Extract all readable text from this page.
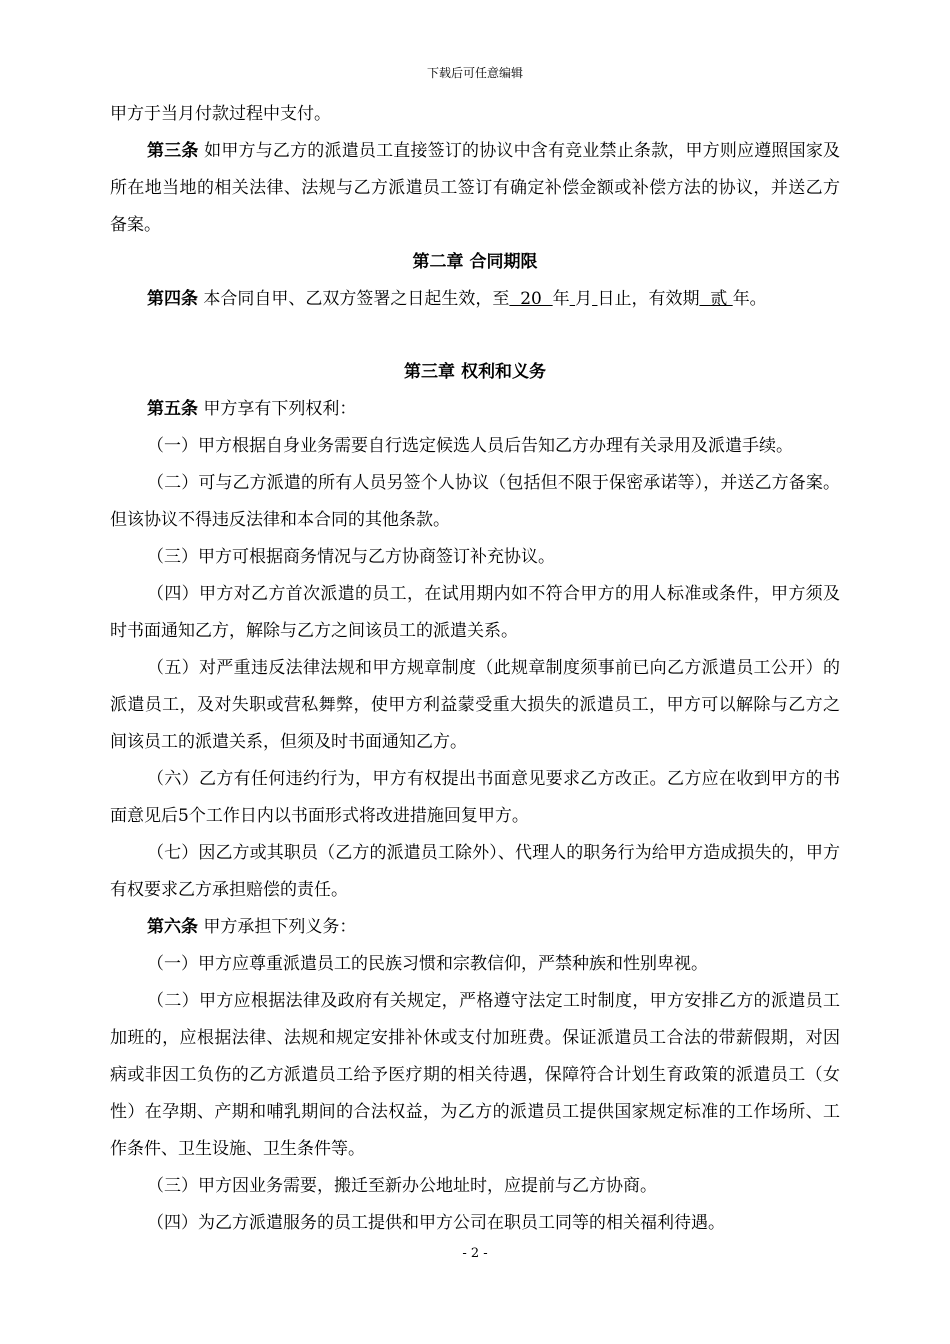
下载后可任意编辑

甲方于当月付款过程中支付。

第三条 如甲方与乙方的派遣员工直接签订的协议中含有竞业禁止条款，甲方则应遵照国家及所在地当地的相关法律、法规与乙方派遣员工签订有确定补偿金额或补偿方法的协议，并送乙方备案。

第二章 合同期限

第四条 本合同自甲、乙双方签署之日起生效，至  20  年 月 日止，有效期  贰 年。

第三章 权利和义务

第五条 甲方享有下列权利：

（一）甲方根据自身业务需要自行选定候选人员后告知乙方办理有关录用及派遣手续。

（二）可与乙方派遣的所有人员另签个人协议（包括但不限于保密承诺等），并送乙方备案。但该协议不得违反法律和本合同的其他条款。

（三）甲方可根据商务情况与乙方协商签订补充协议。

（四）甲方对乙方首次派遣的员工，在试用期内如不符合甲方的用人标准或条件，甲方须及时书面通知乙方，解除与乙方之间该员工的派遣关系。

（五）对严重违反法律法规和甲方规章制度（此规章制度须事前已向乙方派遣员工公开）的派遣员工，及对失职或营私舞弊，使甲方利益蒙受重大损失的派遣员工，甲方可以解除与乙方之间该员工的派遣关系，但须及时书面通知乙方。

（六）乙方有任何违约行为，甲方有权提出书面意见要求乙方改正。乙方应在收到甲方的书面意见后5个工作日内以书面形式将改进措施回复甲方。

（七）因乙方或其职员（乙方的派遣员工除外）、代理人的职务行为给甲方造成损失的，甲方有权要求乙方承担赔偿的责任。

第六条 甲方承担下列义务：

（一）甲方应尊重派遣员工的民族习惯和宗教信仰，严禁种族和性别卑视。

（二）甲方应根据法律及政府有关规定，严格遵守法定工时制度，甲方安排乙方的派遣员工加班的，应根据法律、法规和规定安排补休或支付加班费。保证派遣员工合法的带薪假期，对因病或非因工负伤的乙方派遣员工给予医疗期的相关待遇，保障符合计划生育政策的派遣员工（女性）在孕期、产期和哺乳期间的合法权益，为乙方的派遣员工提供国家规定标准的工作场所、工作条件、卫生设施、卫生条件等。

（三）甲方因业务需要，搬迁至新办公地址时，应提前与乙方协商。

（四）为乙方派遣服务的员工提供和甲方公司在职员工同等的相关福利待遇。

- 2 -
